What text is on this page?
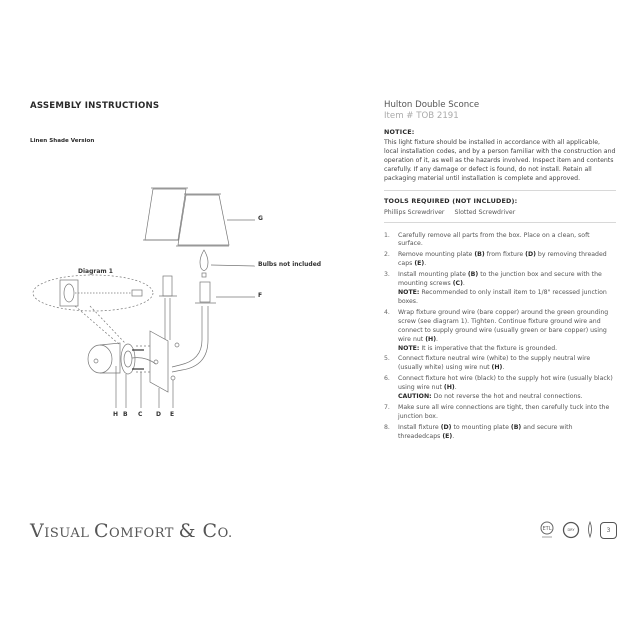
ASSEMBLY INSTRUCTIONS
Linen Shade Version
G
Bulbs not included
F
Diagram 1
H B C D E
Hulton Double Sconce
Item # TOB 2191
NOTICE:
This light fixture should be installed in accordance with all applicable, local installation codes, and by a person familiar with the construction and operation of it, as well as the hazards involved. Inspect item and contents carefully. If any damage or defect is found, do not install. Retain all packaging material until installation is complete and approved.
TOOLS REQUIRED (NOT INCLUDED):
Phillips Screwdriver Slotted Screwdriver
1.	Carefully remove all parts from the box. Place on a clean, soft surface.
2.	Remove mounting plate (B) from fixture (D) by removing threaded caps (E).
3.	Install mounting plate (B) to the junction box and secure with the mounting screws (C).
NOTE: Recommended to only install item to 1/8" recessed junction boxes.
4.	Wrap fixture ground wire (bare copper) around the green grounding screw (see diagram 1). Tighten. Continue fixture ground wire and connect to supply ground wire (usually green or bare copper) using wire nut (H).
NOTE: It is imperative that the fixture is grounded.
5.	Connect fixture neutral wire (white) to the supply neutral wire (usually white) using wire nut (H).
6.	Connect fixture hot wire (black) to the supply hot wire (usually black) using wire nut (H).
CAUTION: Do not reverse the hot and neutral connections.
7.	Make sure all wire connections are tight, then carefully tuck into the junction box.
8.	Install fixture (D) to mounting plate (B) and secure with threadedcaps (E).
VISUAL COMFORT & CO.	ETL	DRY	3
